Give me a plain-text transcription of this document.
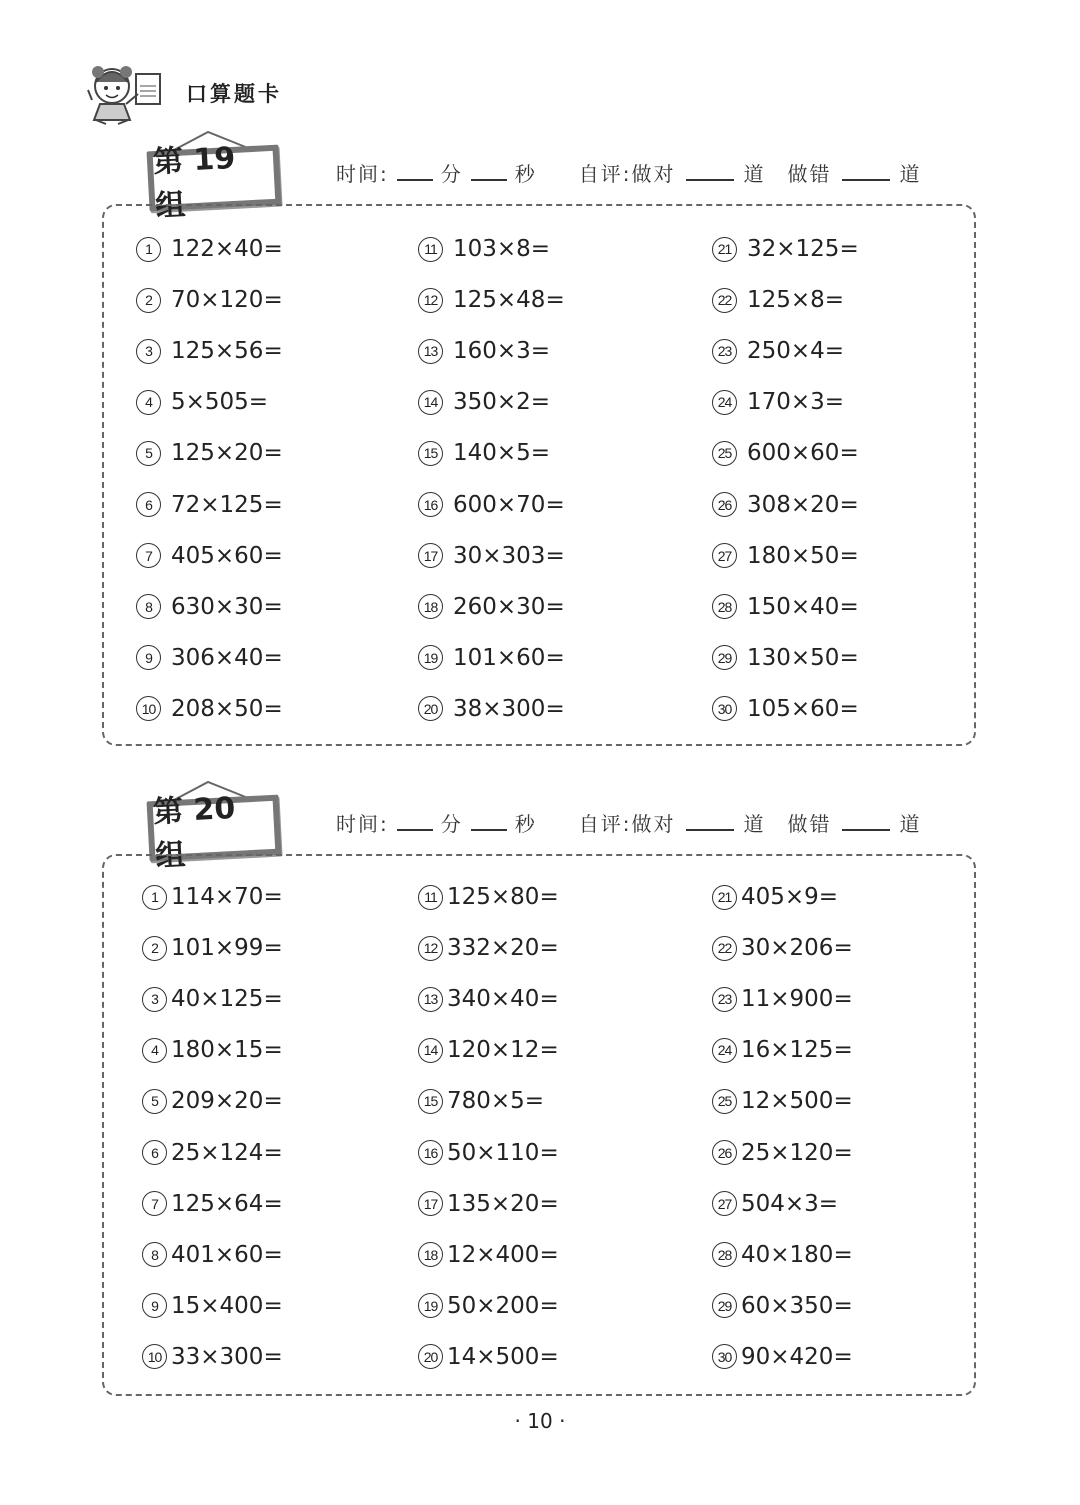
口算题卡
第 19 组
时间:	分	秒 自评:做对	道 做错	道
1 122×40=
2 70×120=
3 125×56=
4 5×505=
5 125×20=
6 72×125=
7 405×60=
8 630×30=
9 306×40=
10 208×50=
11 103×8=
12 125×48=
13 160×3=
14 350×2=
15 140×5=
16 600×70=
17 30×303=
18 260×30=
19 101×60=
20 38×300=
21 32×125=
22 125×8=
23 250×4=
24 170×3=
25 600×60=
26 308×20=
27 180×50=
28 150×40=
29 130×50=
30 105×60=
第 20 组
时间:	分	秒 自评:做对	道 做错	道
1 114×70=
2 101×99=
3 40×125=
4 180×15=
5 209×20=
6 25×124=
7 125×64=
8 401×60=
9 15×400=
10 33×300=
11 125×80=
12 332×20=
13 340×40=
14 120×12=
15 780×5=
16 50×110=
17 135×20=
18 12×400=
19 50×200=
20 14×500=
21 405×9=
22 30×206=
23 11×900=
24 16×125=
25 12×500=
26 25×120=
27 504×3=
28 40×180=
29 60×350=
30 90×420=
· 10 ·
